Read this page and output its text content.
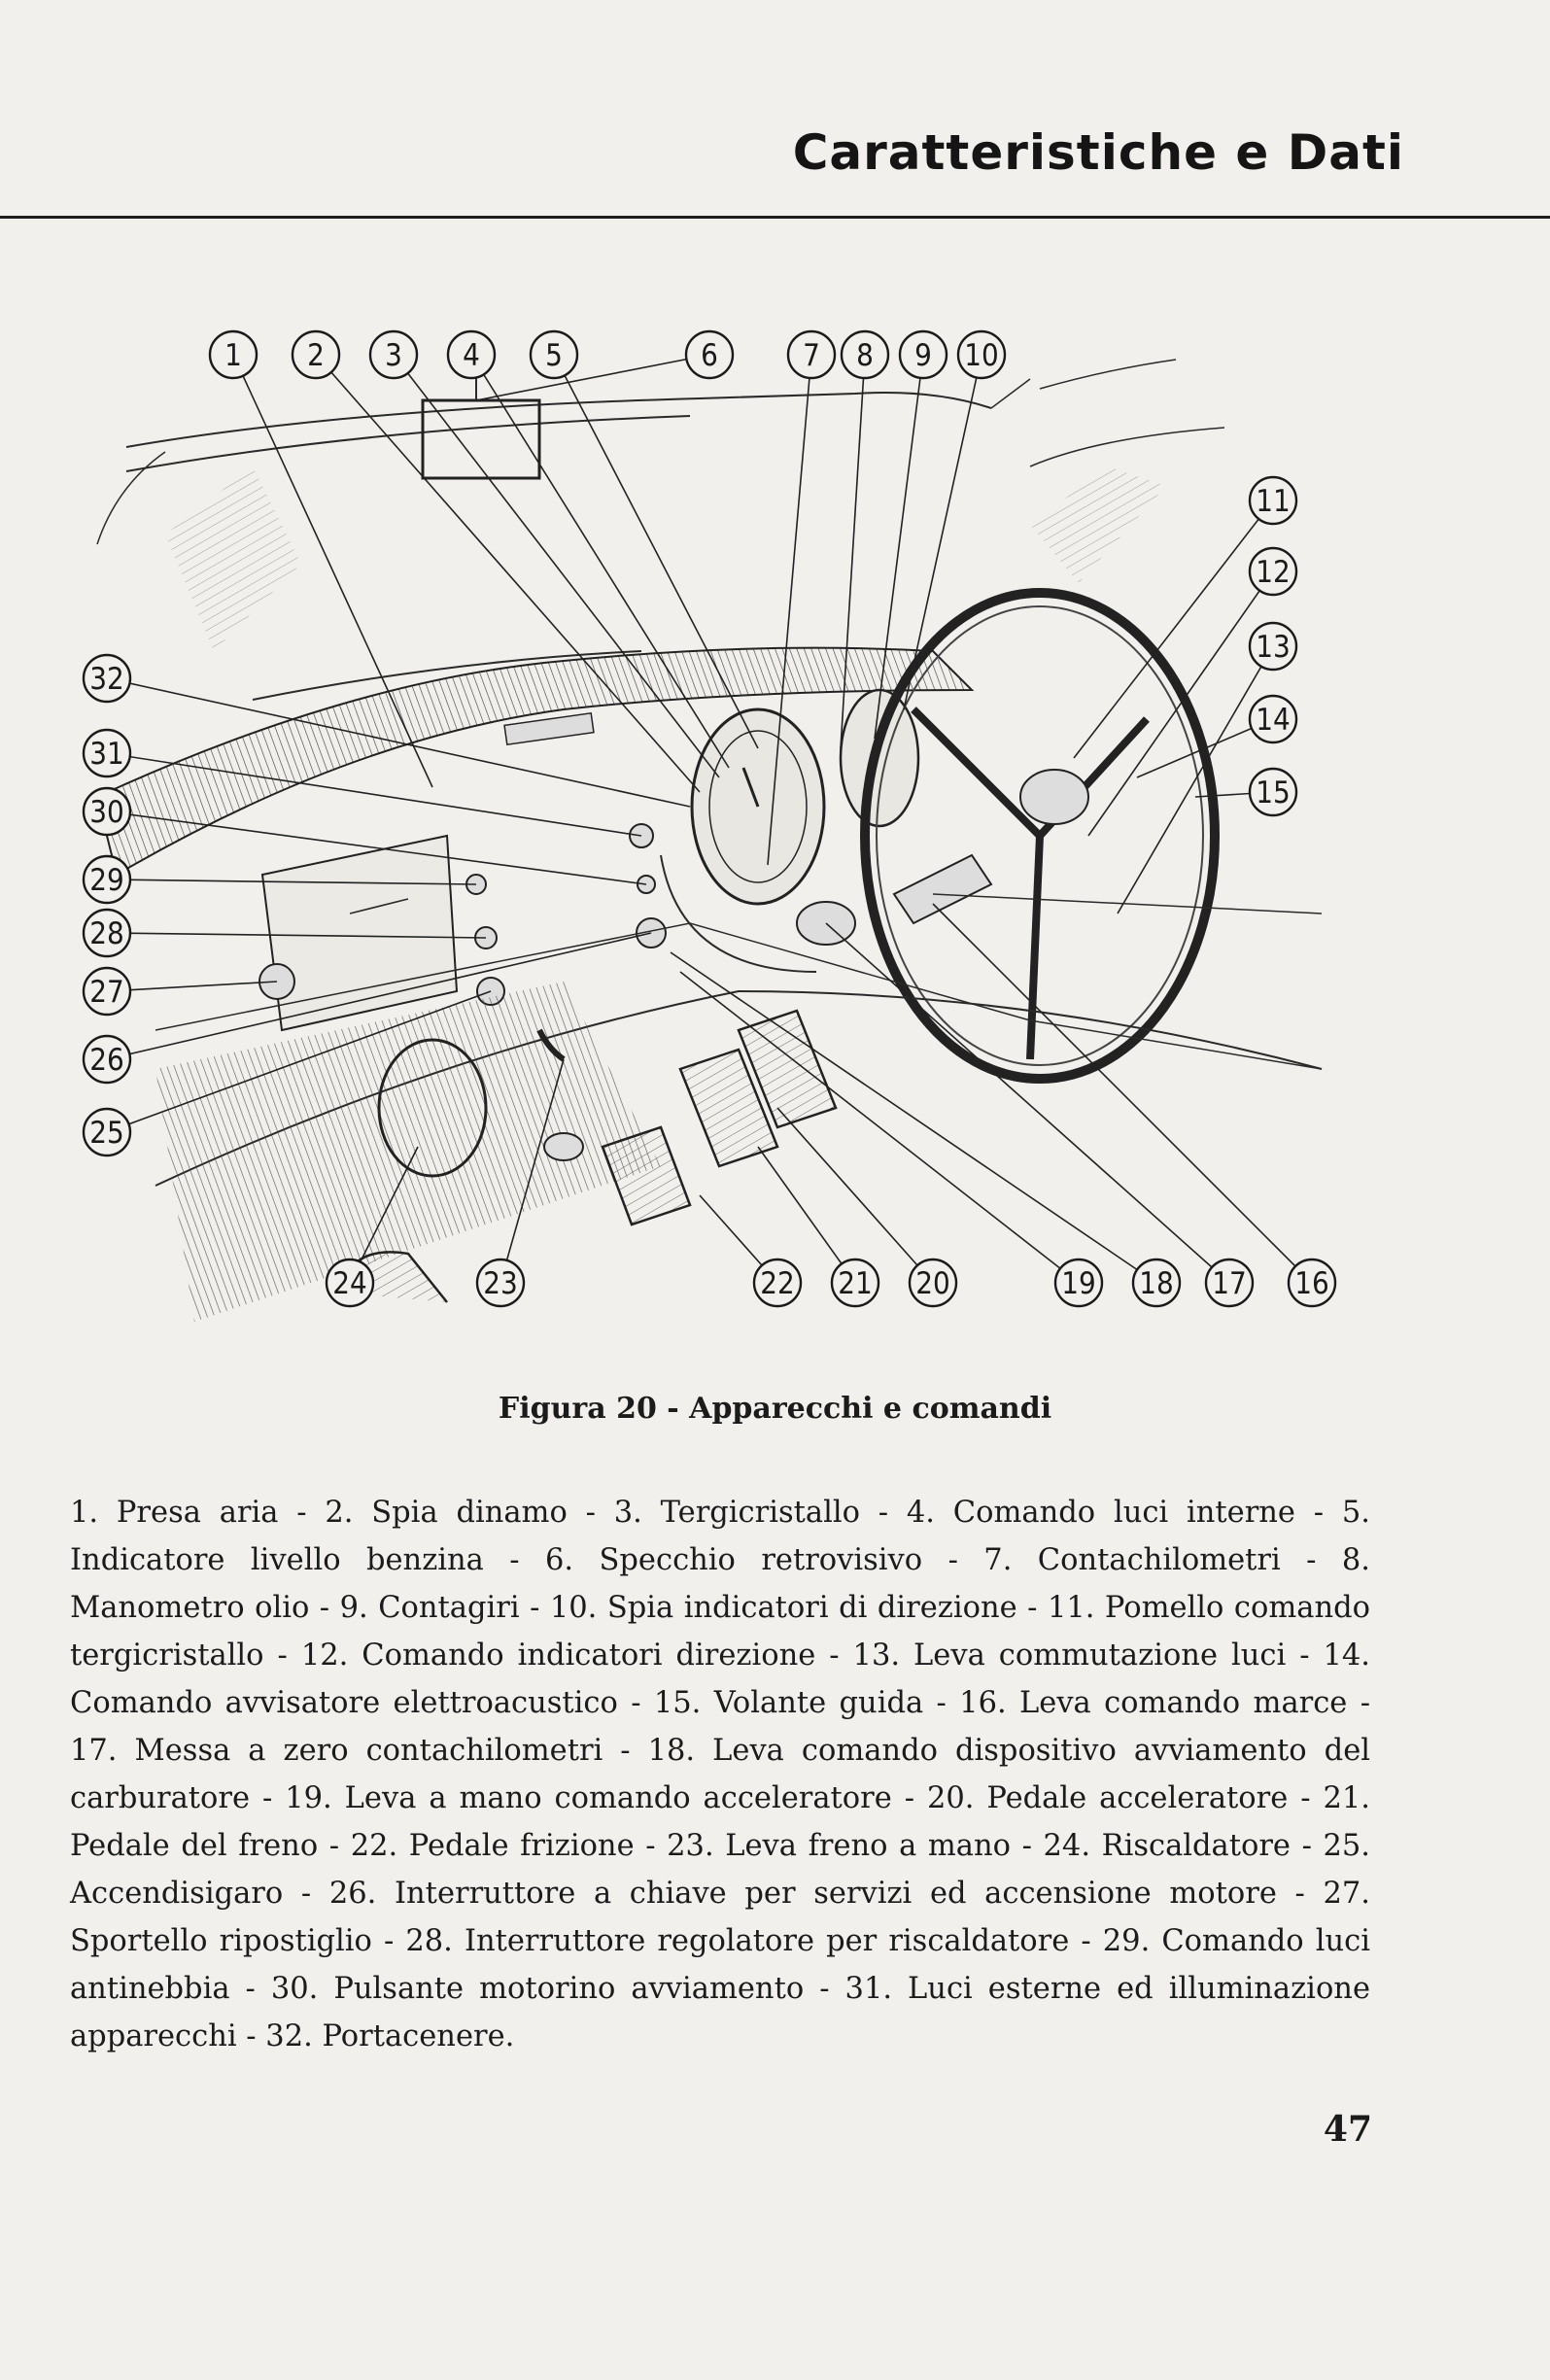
Caratteristiche e Dati
1 2 3 4 5	6	7 8 9 10
11
12
13
14
15
16
17
18
19
20
21
22
23
24
25
26
27
28
29
30
31
32
Figura 20 - Apparecchi e comandi
1. Presa aria - 2. Spia dinamo - 3. Tergicristallo - 4. Comando luci interne - 5. Indicatore livello benzina - 6. Specchio retrovisivo - 7. Contachilometri - 8. Manometro olio - 9. Contagiri - 10. Spia indicatori di direzione - 11. Pomello comando tergicristallo - 12. Comando indicatori direzione - 13. Leva commutazione luci - 14. Comando avvisatore elettroacustico - 15. Volante guida - 16. Leva comando marce - 17. Messa a zero contachilometri - 18. Leva comando dispositivo avviamento del carburatore - 19. Leva a mano comando acceleratore - 20. Pedale acceleratore - 21. Pedale del freno - 22. Pedale frizione - 23. Leva freno a mano - 24. Riscaldatore - 25. Accendisigaro - 26. Interruttore a chiave per servizi ed accensione motore - 27. Sportello ripostiglio - 28. Interruttore regolatore per riscaldatore - 29. Comando luci antinebbia - 30. Pulsante motorino avviamento - 31. Luci esterne ed illuminazione apparecchi - 32. Portacenere.
47
